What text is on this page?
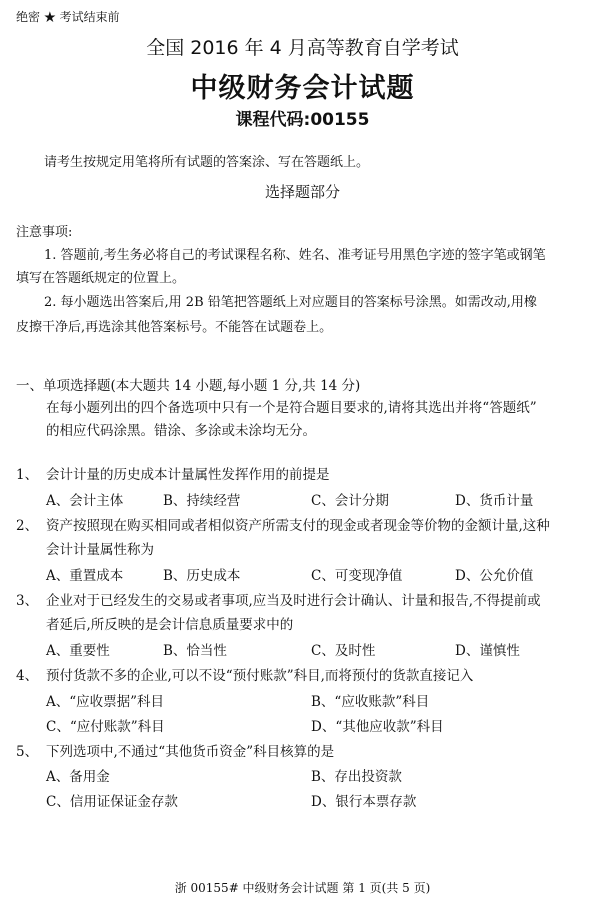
绝密 ★ 考试结束前
全国 2016 年 4 月高等教育自学考试
中级财务会计试题
课程代码:00155
请考生按规定用笔将所有试题的答案涂、写在答题纸上。
选择题部分
注意事项:
1. 答题前,考生务必将自己的考试课程名称、姓名、准考证号用黑色字迹的签字笔或钢笔
填写在答题纸规定的位置上。
2. 每小题选出答案后,用 2B 铅笔把答题纸上对应题目的答案标号涂黑。如需改动,用橡
皮擦干净后,再选涂其他答案标号。不能答在试题卷上。
一、单项选择题(本大题共 14 小题,每小题 1 分,共 14 分)
在每小题列出的四个备选项中只有一个是符合题目要求的,请将其选出并将“答题纸”
的相应代码涂黑。错涂、多涂或未涂均无分。
1、 会计计量的历史成本计量属性发挥作用的前提是
A、会计主体	B、持续经营	C、会计分期	D、货币计量
2、 资产按照现在购买相同或者相似资产所需支付的现金或者现金等价物的金额计量,这种
会计计量属性称为
A、重置成本	B、历史成本	C、可变现净值	D、公允价值
3、 企业对于已经发生的交易或者事项,应当及时进行会计确认、计量和报告,不得提前或
者延后,所反映的是会计信息质量要求中的
A、重要性	B、恰当性	C、及时性	D、谨慎性
4、 预付货款不多的企业,可以不设“预付账款”科目,而将预付的货款直接记入
A、“应收票据”科目	B、“应收账款”科目
C、“应付账款”科目	D、“其他应收款”科目
5、 下列选项中,不通过“其他货币资金”科目核算的是
A、备用金	B、存出投资款
C、信用证保证金存款	D、银行本票存款
浙 00155# 中级财务会计试题 第 1 页(共 5 页)
